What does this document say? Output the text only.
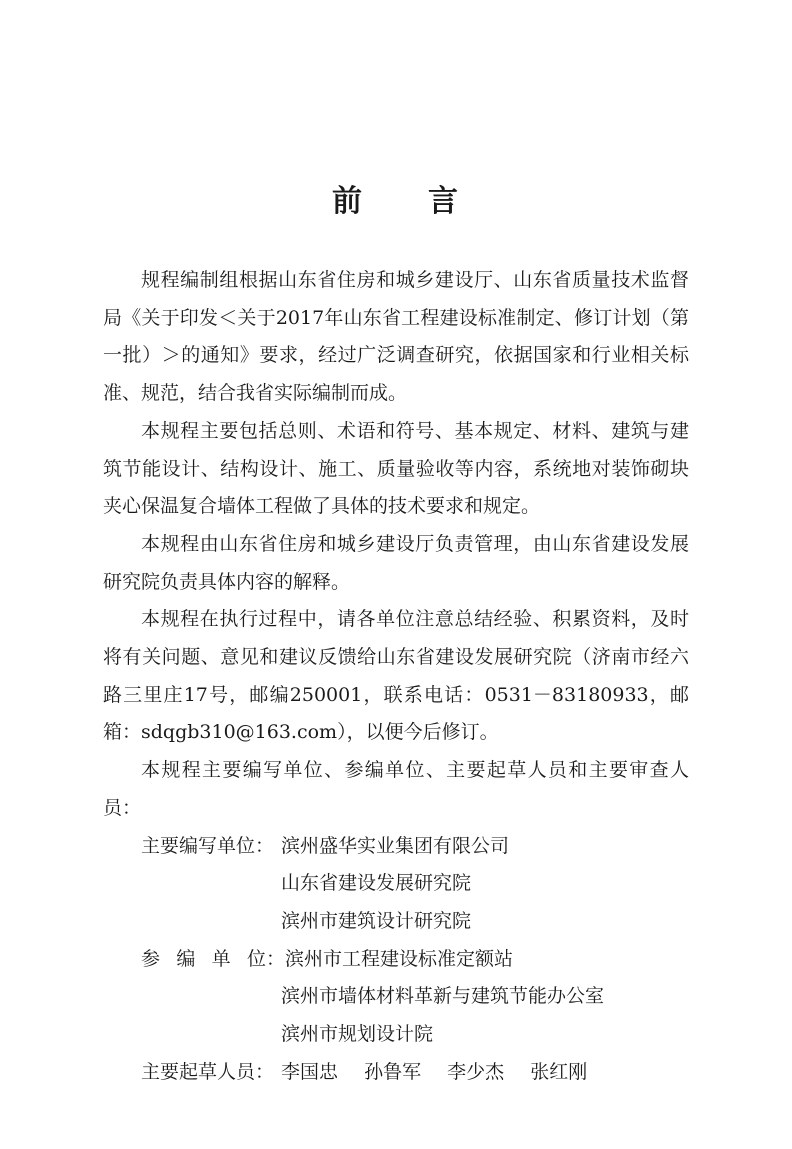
前 言

规程编制组根据山东省住房和城乡建设厅、山东省质量技术监督局《关于印发＜关于2017年山东省工程建设标准制定、修订计划（第一批）＞的通知》要求，经过广泛调查研究，依据国家和行业相关标准、规范，结合我省实际编制而成。

本规程主要包括总则、术语和符号、基本规定、材料、建筑与建筑节能设计、结构设计、施工、质量验收等内容，系统地对装饰砌块夹心保温复合墙体工程做了具体的技术要求和规定。

本规程由山东省住房和城乡建设厅负责管理，由山东省建设发展研究院负责具体内容的解释。

本规程在执行过程中，请各单位注意总结经验、积累资料，及时将有关问题、意见和建议反馈给山东省建设发展研究院（济南市经六路三里庄17号，邮编250001，联系电话：0531－83180933，邮箱：sdqgb310@163.com），以便今后修订。

本规程主要编写单位、参编单位、主要起草人员和主要审查人员：

主要编写单位： 滨州盛华实业集团有限公司
山东省建设发展研究院
滨州市建筑设计研究院
参编单位 ： 滨州市工程建设标准定额站
滨州市墙体材料革新与建筑节能办公室
滨州市规划设计院
主要起草人员： 李国忠 孙鲁军 李少杰 张红刚
